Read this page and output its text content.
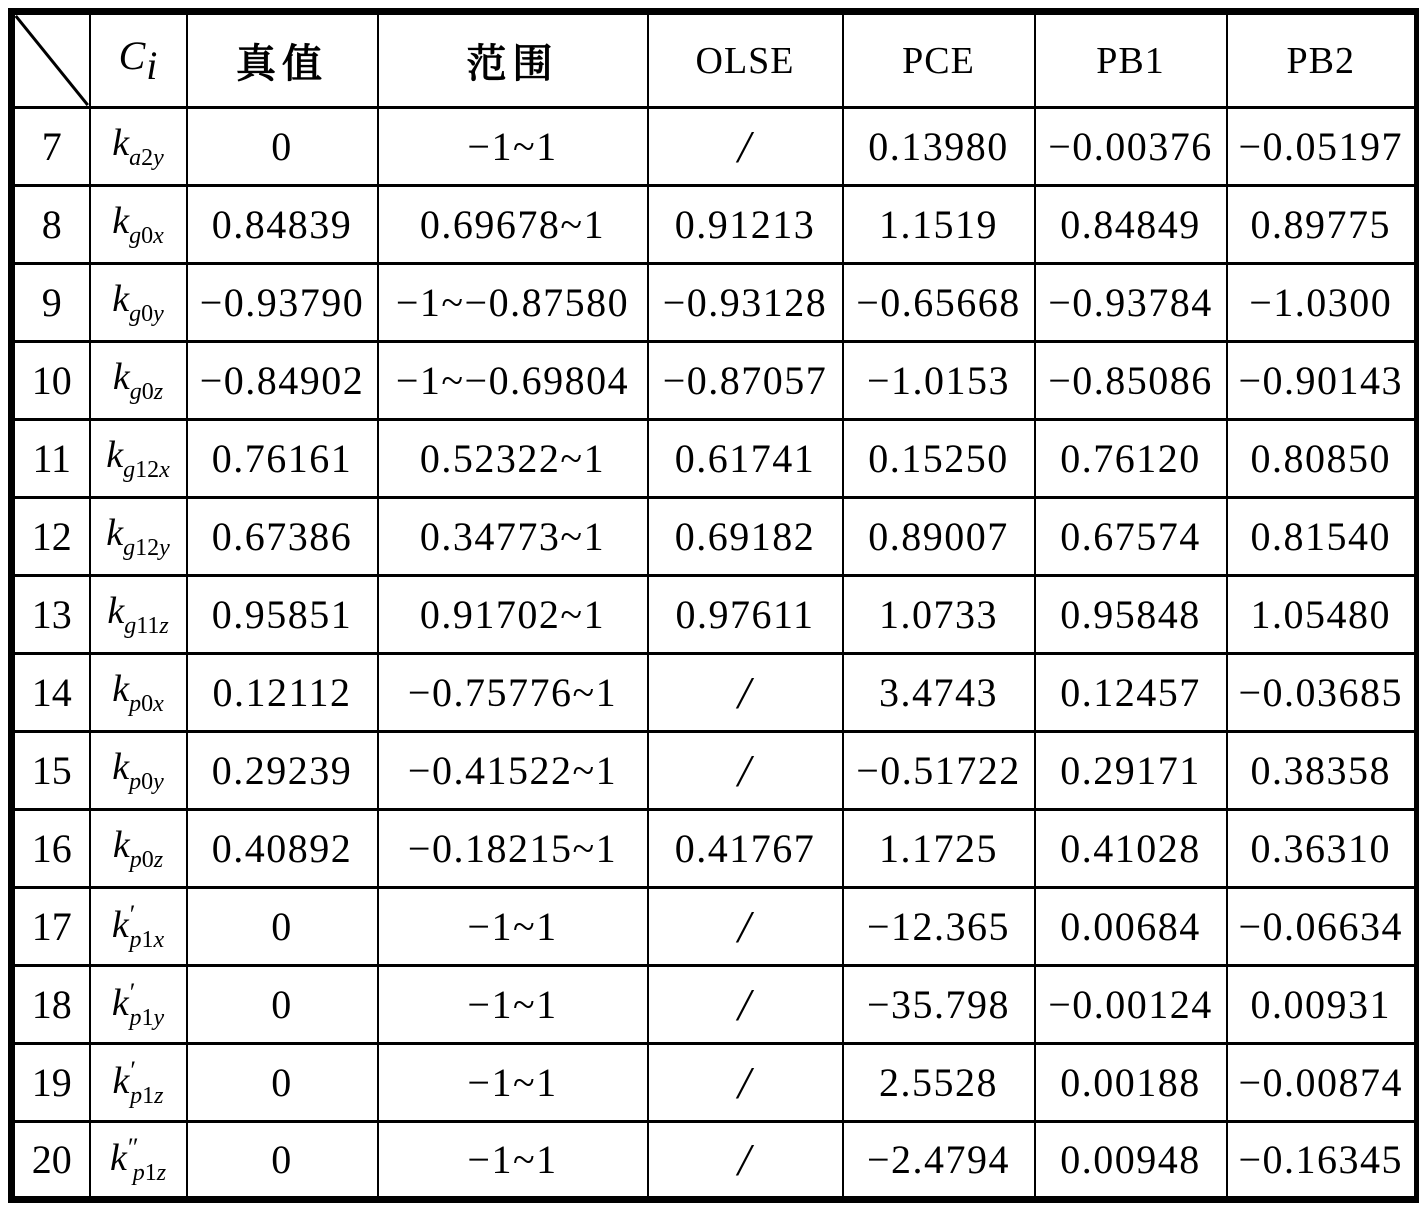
	$C_i$	真值	范围	OLSE	PCE	PB1	PB2
7	$k_{a2y}$	0	−1~1	/	0.13980	−0.00376	−0.05197
8	$k_{g0x}$	0.84839	0.69678~1	0.91213	1.1519	0.84849	0.89775
9	$k_{g0y}$	−0.93790	−1~−0.87580	−0.93128	−0.65668	−0.93784	−1.0300
10	$k_{g0z}$	−0.84902	−1~−0.69804	−0.87057	−1.0153	−0.85086	−0.90143
11	$k_{g12x}$	0.76161	0.52322~1	0.61741	0.15250	0.76120	0.80850
12	$k_{g12y}$	0.67386	0.34773~1	0.69182	0.89007	0.67574	0.81540
13	$k_{g11z}$	0.95851	0.91702~1	0.97611	1.0733	0.95848	1.05480
14	$k_{p0x}$	0.12112	−0.75776~1	/	3.4743	0.12457	−0.03685
15	$k_{p0y}$	0.29239	−0.41522~1	/	−0.51722	0.29171	0.38358
16	$k_{p0z}$	0.40892	−0.18215~1	0.41767	1.1725	0.41028	0.36310
17	$k'_{p1x}$	0	−1~1	/	−12.365	0.00684	−0.06634
18	$k'_{p1y}$	0	−1~1	/	−35.798	−0.00124	0.00931
19	$k'_{p1z}$	0	−1~1	/	2.5528	0.00188	−0.00874
20	$k''_{p1z}$	0	−1~1	/	−2.4794	0.00948	−0.16345
